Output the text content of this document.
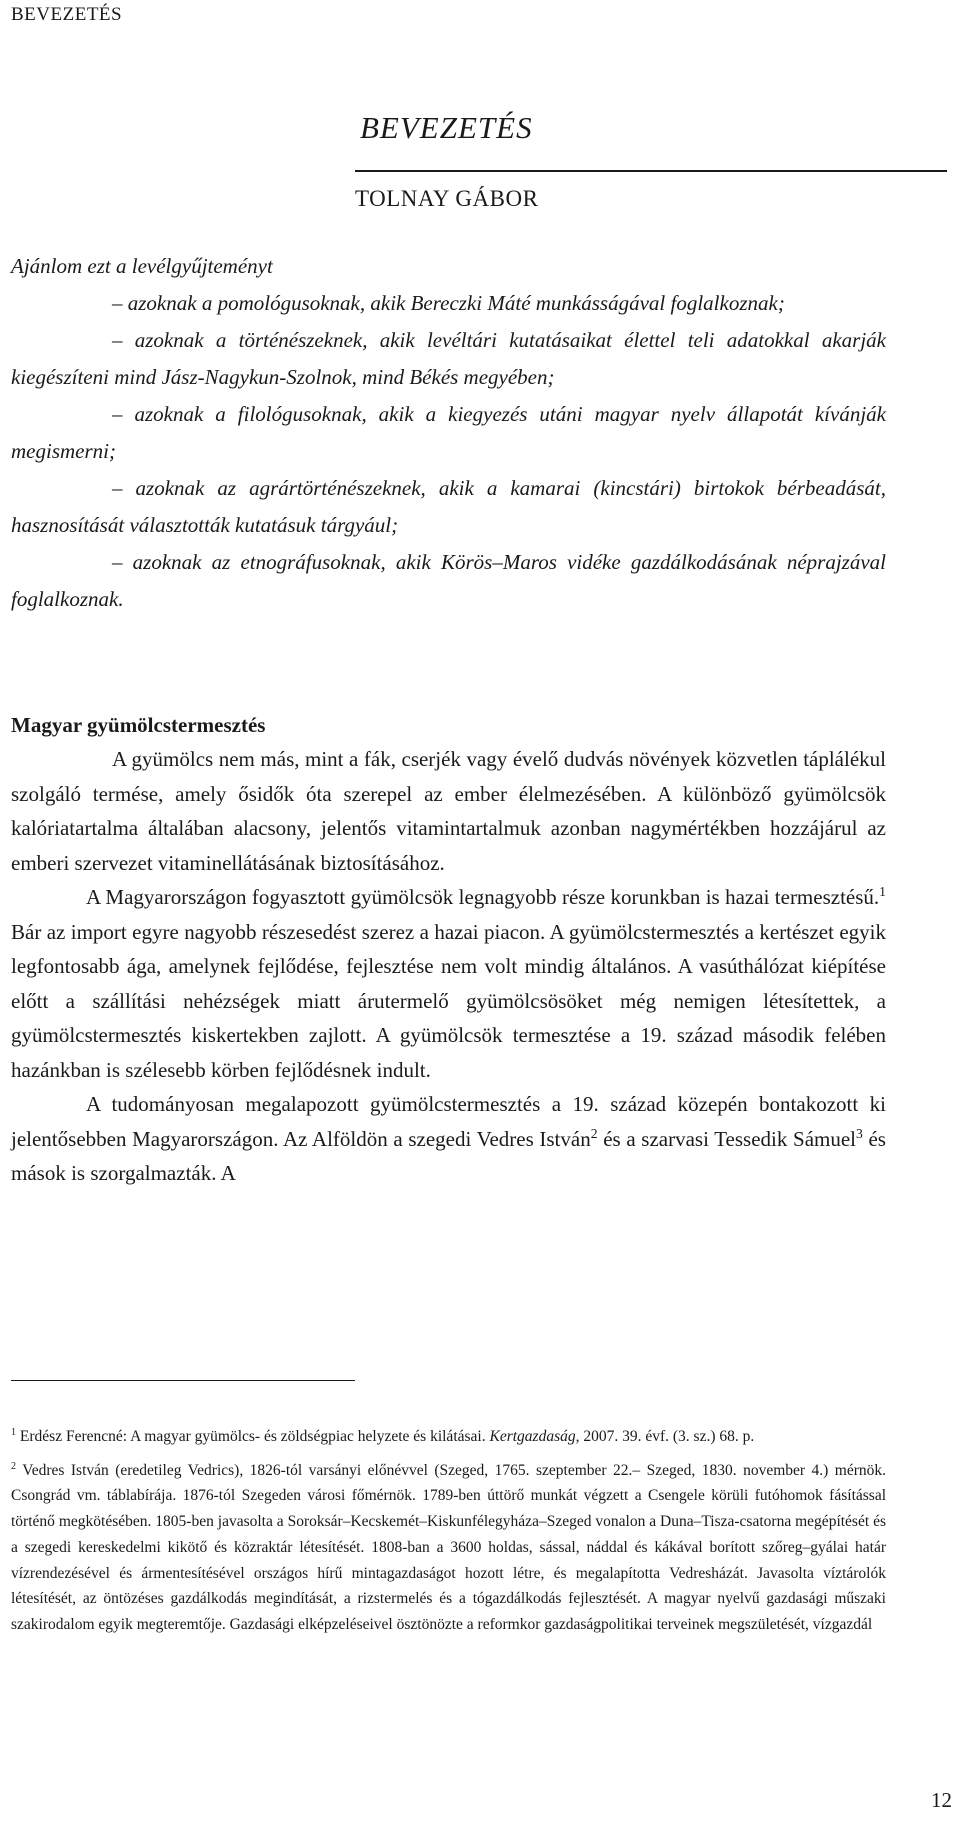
BEVEZETÉS
BEVEZETÉS
TOLNAY GÁBOR

Ajánlom ezt a levélgyűjteményt

– azoknak a pomológusoknak, akik Bereczki Máté munkásságával foglalkoznak;

– azoknak a történészeknek, akik levéltári kutatásaikat élettel teli adatokkal akarják kiegészíteni mind Jász-Nagykun-Szolnok, mind Békés megyében;

– azoknak a filológusoknak, akik a kiegyezés utáni magyar nyelv állapotát kívánják megismerni;

– azoknak az agrártörténészeknek, akik a kamarai (kincstári) birtokok bérbeadását, hasznosítását választották kutatásuk tárgyául;

– azoknak az etnográfusoknak, akik Körös–Maros vidéke gazdálkodásának néprajzával foglalkoznak.

Magyar gyümölcstermesztés

A gyümölcs nem más, mint a fák, cserjék vagy évelő dudvás növények közvetlen táplálékul szolgáló termése, amely ősidők óta szerepel az ember élelmezésében. A különböző gyümölcsök kalóriatartalma általában alacsony, jelentős vitamintartalmuk azonban nagymértékben hozzájárul az emberi szervezet vitaminellátásának biztosításához.

A Magyarországon fogyasztott gyümölcsök legnagyobb része korunkban is hazai termesztésű.$^1$ Bár az import egyre nagyobb részesedést szerez a hazai piacon. A gyümölcstermesztés a kertészet egyik legfontosabb ága, amelynek fejlődése, fejlesztése nem volt mindig általános. A vasúthálózat kiépítése előtt a szállítási nehézségek miatt árutermelő gyümölcsösöket még nemigen létesítettek, a gyümölcstermesztés kiskertekben zajlott. A gyümölcsök termesztése a 19. század második felében hazánkban is szélesebb körben fejlődésnek indult.

A tudományosan megalapozott gyümölcstermesztés a 19. század közepén bontakozott ki jelentősebben Magyarországon. Az Alföldön a szegedi Vedres István$^2$ és a szarvasi Tessedik Sámuel$^3$ és mások is szorgalmazták. A

$^1$ Erdész Ferencné: A magyar gyümölcs- és zöldségpiac helyzete és kilátásai. Kertgazdaság, 2007. 39. évf. (3. sz.) 68. p.

$^2$ Vedres István (eredetileg Vedrics), 1826-tól varsányi előnévvel (Szeged, 1765. szeptember 22.– Szeged, 1830. november 4.) mérnök. Csongrád vm. táblabírája. 1876-tól Szegeden városi főmérnök. 1789-ben úttörő munkát végzett a Csengele körüli futóhomok fásítással történő megkötésében. 1805-ben javasolta a Soroksár–Kecskemét–Kiskunfélegyháza–Szeged vonalon a Duna–Tisza-csatorna megépítését és a szegedi kereskedelmi kikötő és közraktár létesítését. 1808-ban a 3600 holdas, sással, náddal és kákával borított szőreg–gyálai határ vízrendezésével és ármentesítésével országos hírű mintagazdaságot hozott létre, és megalapította Vedresházát. Javasolta víztárolók létesítését, az öntözéses gazdálkodás megindítását, a rizstermelés és a tógazdálkodás fejlesztését. A magyar nyelvű gazdasági műszaki szakirodalom egyik megteremtője. Gazdasági elképzeléseivel ösztönözte a reformkor gazdaságpolitikai terveinek megszületését, vízgazdál

12
